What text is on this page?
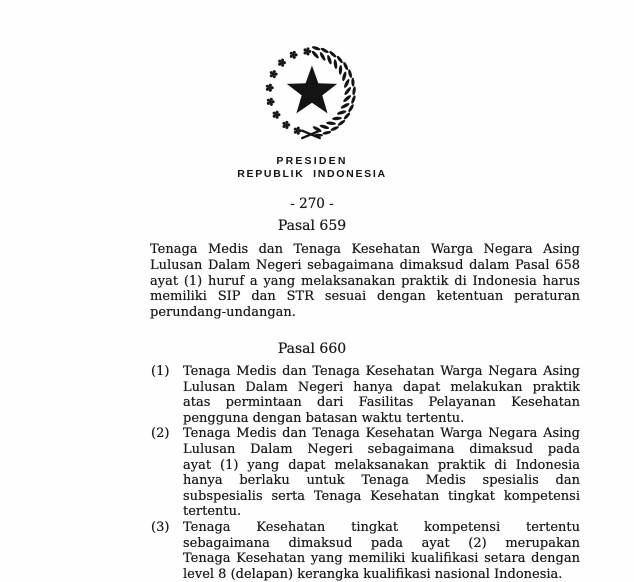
PRESIDEN
REPUBLIK INDONESIA
- 270 -
Pasal 659
Tenaga Medis dan Tenaga Kesehatan Warga Negara Asing
Lulusan Dalam Negeri sebagaimana dimaksud dalam Pasal 658
ayat (1) huruf a yang melaksanakan praktik di Indonesia harus
memiliki SIP dan STR sesuai dengan ketentuan peraturan
perundang-undangan.
Pasal 660
(1) Tenaga Medis dan Tenaga Kesehatan Warga Negara Asing
Lulusan Dalam Negeri hanya dapat melakukan praktik
atas permintaan dari Fasilitas Pelayanan Kesehatan
pengguna dengan batasan waktu tertentu.
(2) Tenaga Medis dan Tenaga Kesehatan Warga Negara Asing
Lulusan Dalam Negeri sebagaimana dimaksud pada
ayat (1) yang dapat melaksanakan praktik di Indonesia
hanya berlaku untuk Tenaga Medis spesialis dan
subspesialis serta Tenaga Kesehatan tingkat kompetensi
tertentu.
(3) Tenaga Kesehatan tingkat kompetensi tertentu
sebagaimana dimaksud pada ayat (2) merupakan
Tenaga Kesehatan yang memiliki kualifikasi setara dengan
level 8 (delapan) kerangka kualifikasi nasional Indonesia.
